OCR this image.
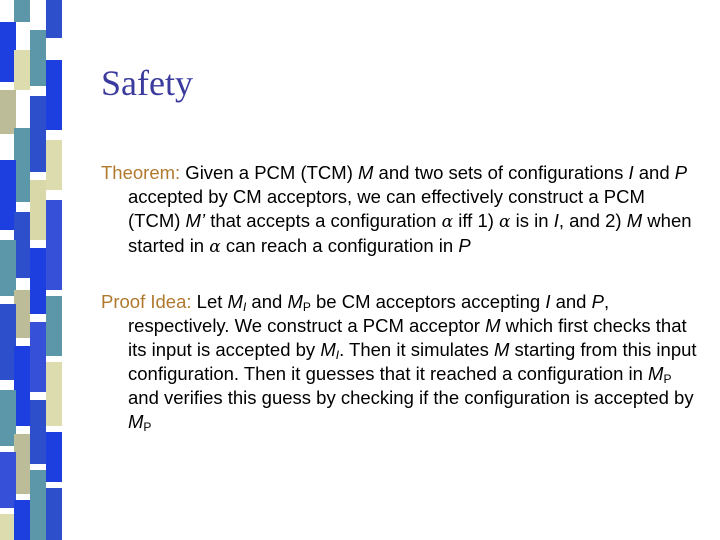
Safety

Theorem: Given a PCM (TCM) M and two sets of configurations I and P accepted by CM acceptors, we can effectively construct a PCM (TCM) M’ that accepts a configuration α iff 1) α is in I, and 2) M when started in α can reach a configuration in P

Proof Idea: Let $M_I$ and $M_P$ be CM acceptors accepting I and P, respectively. We construct a PCM acceptor M which first checks that its input is accepted by $M_I$. Then it simulates M starting from this input configuration. Then it guesses that it reached a configuration in $M_P$ and verifies this guess by checking if the configuration is accepted by $M_P$
